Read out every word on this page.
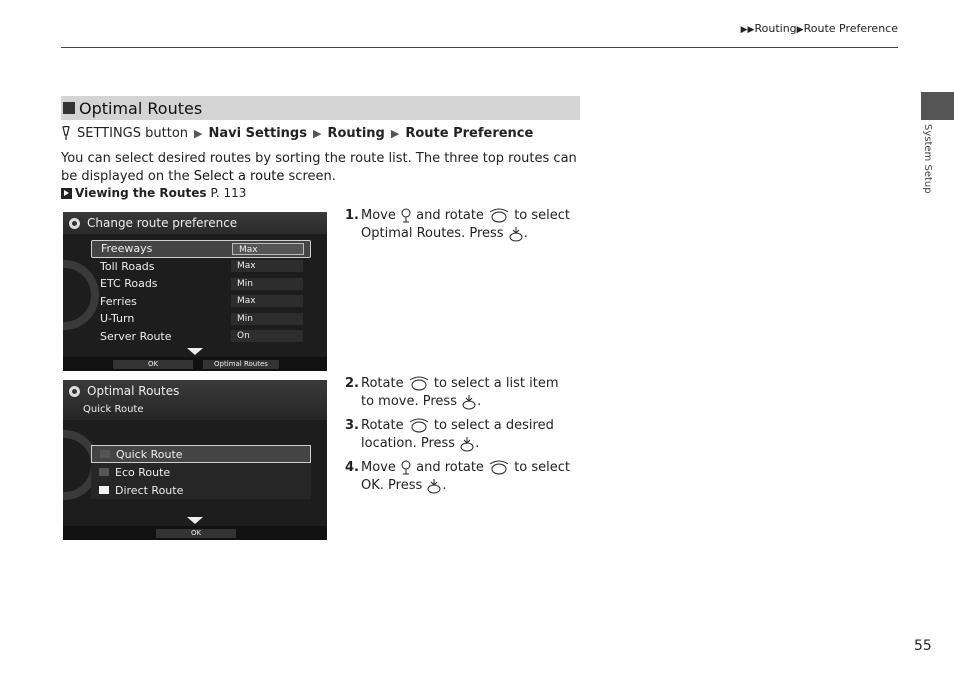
▶▶Routing▶Route Preference
System Setup
Optimal Routes
SETTINGS button ▶ Navi Settings ▶ Routing ▶ Route Preference
You can select desired routes by sorting the route list. The three top routes can be displayed on the Select a route screen.
Viewing the Routes P. 113
Change route preference
Freeways	Max
Toll Roads	Max
ETC Roads	Min
Ferries	Max
U-Turn	Min
Server Route	On
OK	Optimal Routes
Optimal Routes
Quick Route
Quick Route
Eco Route
Direct Route
OK
1. Move and rotate to select Optimal Routes. Press .
2. Rotate to select a list item to move. Press .
3. Rotate to select a desired location. Press .
4. Move and rotate to select OK. Press .
55
